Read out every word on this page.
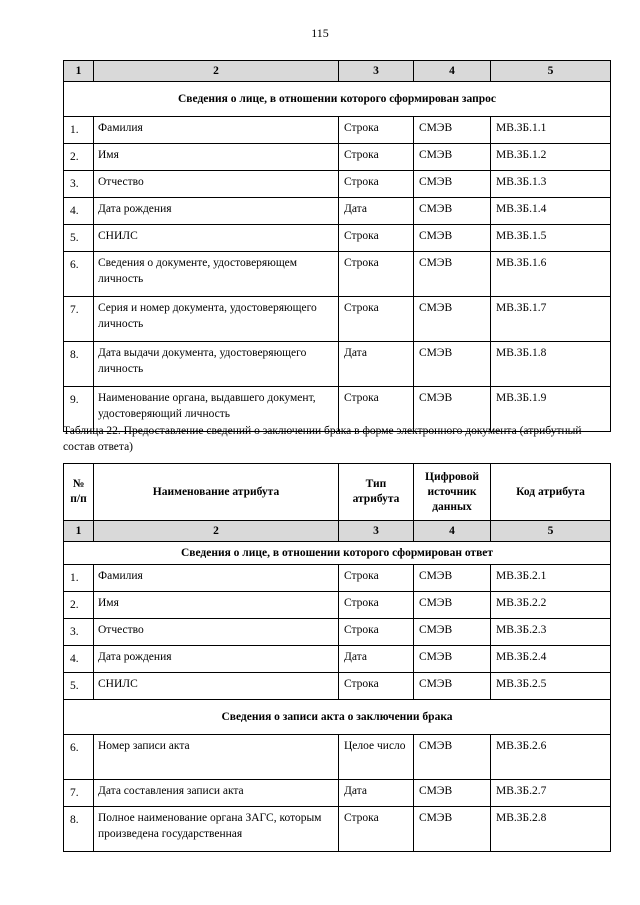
115
1	2	3	4	5
Сведения о лице, в отношении которого сформирован запрос				
1.	Фамилия	Строка	СМЭВ	МВ.ЗБ.1.1
2.	Имя	Строка	СМЭВ	МВ.ЗБ.1.2
3.	Отчество	Строка	СМЭВ	МВ.ЗБ.1.3
4.	Дата рождения	Дата	СМЭВ	МВ.ЗБ.1.4
5.	СНИЛС	Строка	СМЭВ	МВ.ЗБ.1.5
6.	Сведения о документе, удостоверяющем личность	Строка	СМЭВ	МВ.ЗБ.1.6
7.	Серия и номер документа, удостоверяющего личность	Строка	СМЭВ	МВ.ЗБ.1.7
8.	Дата выдачи документа, удостоверяющего личность	Дата	СМЭВ	МВ.ЗБ.1.8
9.	Наименование органа, выдавшего документ, удостоверяющий личность	Строка	СМЭВ	МВ.ЗБ.1.9
Таблица 22. Предоставление сведений о заключении брака в форме электронного документа (атрибутный состав ответа)
№ п/п	Наименование атрибута	Тип атрибута	Цифровой источник данных	Код атрибута
1	2	3	4	5
Сведения о лице, в отношении которого сформирован ответ				
1.	Фамилия	Строка	СМЭВ	МВ.ЗБ.2.1
2.	Имя	Строка	СМЭВ	МВ.ЗБ.2.2
3.	Отчество	Строка	СМЭВ	МВ.ЗБ.2.3
4.	Дата рождения	Дата	СМЭВ	МВ.ЗБ.2.4
5.	СНИЛС	Строка	СМЭВ	МВ.ЗБ.2.5
Сведения о записи акта о заключении брака				
6.	Номер записи акта	Целое число	СМЭВ	МВ.ЗБ.2.6
7.	Дата составления записи акта	Дата	СМЭВ	МВ.ЗБ.2.7
8.	Полное наименование органа ЗАГС, которым произведена государственная	Строка	СМЭВ	МВ.ЗБ.2.8
